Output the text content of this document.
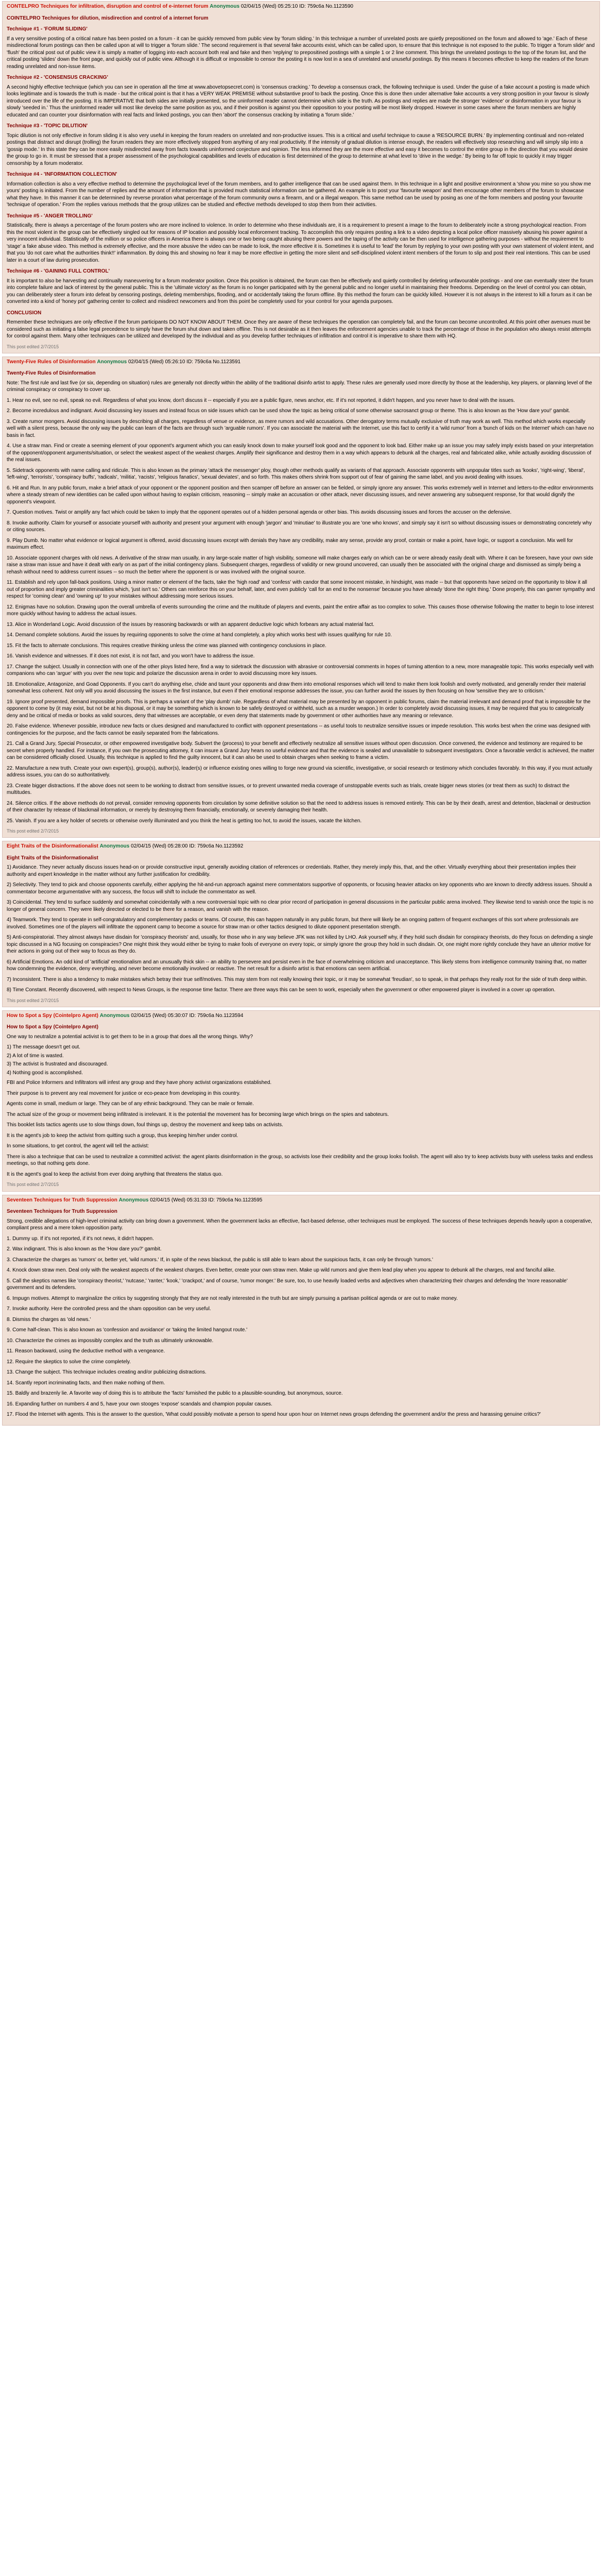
CONTELPRO Techniques for infiltration, disruption and control of e-internet forum Anonymous 02/04/15 (Wed) 05:25:10 ID: 759c6a No.1123590
COINTELPRO Techniques for dilution, misdirection and control of a internet forum
Technique #1 - 'FORUM SLIDING'

If a very sensitive posting of a critical nature has been posted on a forum - it can be quickly removed from public view by 'forum sliding.' In this technique a number of unrelated posts are quietly prepositioned on the forum and allowed to 'age.' Each of these misdirectional forum postings can then be called upon at will to trigger a 'forum slide.' The second requirement is that several fake accounts exist, which can be called upon, to ensure that this technique is not exposed to the public. To trigger a 'forum slide' and 'flush' the critical post out of public view it is simply a matter of logging into each account both real and fake and then 'replying' to prepositined postings with a simple 1 or 2 line comment. This brings the unrelated postings to the top of the forum list, and the critical posting 'slides' down the front page, and quickly out of public view. Although it is difficult or impossible to censor the posting it is now lost in a sea of unrelated and unuseful postings. By this means it becomes effective to keep the readers of the forum reading unrelated and non-issue items.

Technique #2 - 'CONSENSUS CRACKING'

A second highly effective technique (which you can see in operation all the time at www.abovetopsecret.com) is 'consensus cracking.' To develop a consensus crack, the following technique is used. Under the guise of a fake account a posting is made which looks legitimate and is towards the truth is made - but the critical point is that it has a VERY WEAK PREMISE without substantive proof to back the posting. Once this is done then under alternative fake accounts a very strong position in your favour is slowly introduced over the life of the posting. It is IMPERATIVE that both sides are initially presented, so the uninformed reader cannot determine which side is the truth. As postings and replies are made the stronger 'evidence' or disinformation in your favour is slowly 'seeded in.' Thus the uninformed reader will most like develop the same position as you, and if their position is against you their opposition to your posting will be most likely dropped. However in some cases where the forum members are highly educated and can counter your disinformation with real facts and linked postings, you can then 'abort' the consensus cracking by initiating a 'forum slide.'

Technique #3 - 'TOPIC DILUTION'

Topic dilution is not only effective in forum sliding it is also very useful in keeping the forum readers on unrelated and non-productive issues. This is a critical and useful technique to cause a 'RESOURCE BURN.' By implementing continual and non-related postings that distract and disrupt (trolling) the forum readers they are more effectively stopped from anything of any real productivity. If the intensity of gradual dilution is intense enough, the readers will effectively stop researching and will simply slip into a 'gossip mode.' In this state they can be more easily misdirected away from facts towards uninformed conjecture and opinion. The less informed they are the more effective and easy it becomes to control the entire group in the direction that you would desire the group to go in. It must be stressed that a proper assessment of the psychological capabilities and levels of education is first determined of the group to determine at what level to 'drive in the wedge.' By being to far off topic to quickly it may trigger censorship by a forum moderator.

Technique #4 - 'INFORMATION COLLECTION'

Information collection is also a very effective method to determine the psychological level of the forum members, and to gather intelligence that can be used against them. In this technique in a light and positive environment a 'show you mine so you show me yours' posting is initiated. From the number of replies and the amount of information that is provided much statistical information can be gathered. An example is to post your 'favourite weapon' and then encourage other members of the forum to showcase what they have. In this manner it can be determined by reverse proration what percentage of the forum community owns a firearm, and or a illegal weapon. This same method can be used by posing as one of the form members and posting your favourite 'technique of operation.' From the replies various methods that the group utilizes can be studied and effective methods developed to stop them from their activities.

Technique #5 - 'ANGER TROLLING'

Statistically, there is always a percentage of the forum posters who are more inclined to violence. In order to determine who these individuals are, it is a requirement to present a image to the forum to deliberately incite a strong psychological reaction. From this the most violent in the group can be effectively singled out for reasons of IP location and possibly local enforcement tracking. To accomplish this only requires posting a link to a video depicting a local police officer massively abusing his power against a very innocent individual. Statistically of the million or so police officers in America there is always one or two being caught abusing there powers and the taping of the activity can be then used for intelligence gathering purposes - without the requirement to 'stage' a fake abuse video. This method is extremely effective, and the more abusive the video can be made to look, the more effective it is. Sometimes it is useful to 'lead' the forum by replying to your own posting with your own statement of violent intent, and that you 'do not care what the authorities think!!' inflammation. By doing this and showing no fear it may be more effective in getting the more silent and self-disciplined violent intent members of the forum to slip and post their real intentions. This can be used later in a court of law during prosecution.

Technique #6 - 'GAINING FULL CONTROL'

It is important to also be harvesting and continually maneuvering for a forum moderator position. Once this position is obtained, the forum can then be effectively and quietly controlled by deleting unfavourable postings - and one can eventually steer the forum into complete failure and lack of interest by the general public. This is the 'ultimate victory' as the forum is no longer participated with by the general public and no longer useful in maintaining their freedoms. Depending on the level of control you can obtain, you can deliberately steer a forum into defeat by censoring postings, deleting memberships, flooding, and or accidentally taking the forum offline. By this method the forum can be quickly killed. However it is not always in the interest to kill a forum as it can be converted into a kind of 'honey pot' gathering center to collect and misdirect newcomers and from this point be completely used for your control for your agenda purposes.

CONCLUSION

Remember these techniques are only effective if the forum participants DO NOT KNOW ABOUT THEM. Once they are aware of these techniques the operation can completely fail, and the forum can become uncontrolled. At this point other avenues must be considered such as initiating a false legal precedence to simply have the forum shut down and taken offline. This is not desirable as it then leaves the enforcement agencies unable to track the percentage of those in the population who always resist attempts for control against them. Many other techniques can be utilized and developed by the individual and as you develop further techniques of infiltration and control it is imperative to share them with HQ.

This post edited 2/7/2015
Twenty-Five Rules of Disinformation Anonymous 02/04/15 (Wed) 05:26:10 ID: 759c6a No.1123591
Twenty-Five Rules of Disinformation

Note: The first rule and last five (or six, depending on situation) rules are generally not directly within the ability of the traditional disinfo artist to apply. These rules are generally used more directly by those at the leadership, key players, or planning level of the criminal conspiracy or conspiracy to cover up.

1. Hear no evil, see no evil, speak no evil. Regardless of what you know, don't discuss it -- especially if you are a public figure, news anchor, etc. If it's not reported, it didn't happen, and you never have to deal with the issues.

2. Become incredulous and indignant. Avoid discussing key issues and instead focus on side issues which can be used show the topic as being critical of some otherwise sacrosanct group or theme. This is also known as the 'How dare you!' gambit.

3. Create rumor mongers. Avoid discussing issues by describing all charges, regardless of venue or evidence, as mere rumors and wild accusations. Other derogatory terms mutually exclusive of truth may work as well. This method which works especially well with a silent press, because the only way the public can learn of the facts are through such 'arguable rumors'. If you can associate the material with the Internet, use this fact to certify it a 'wild rumor' from a 'bunch of kids on the Internet' which can have no basis in fact.

4. Use a straw man. Find or create a seeming element of your opponent's argument which you can easily knock down to make yourself look good and the opponent to look bad. Either make up an issue you may safely imply exists based on your interpretation of the opponent/opponent arguments/situation, or select the weakest aspect of the weakest charges. Amplify their significance and destroy them in a way which appears to debunk all the charges, real and fabricated alike, while actually avoiding discussion of the real issues.

5. Sidetrack opponents with name calling and ridicule. This is also known as the primary 'attack the messenger' ploy, though other methods qualify as variants of that approach. Associate opponents with unpopular titles such as 'kooks', 'right-wing', 'liberal', 'left-wing', 'terrorists', 'conspiracy buffs', 'radicals', 'militia', 'racists', 'religious fanatics', 'sexual deviates', and so forth. This makes others shrink from support out of fear of gaining the same label, and you avoid dealing with issues.

6. Hit and Run. In any public forum, make a brief attack of your opponent or the opponent position and then scamper off before an answer can be fielded, or simply ignore any answer. This works extremely well in Internet and letters-to-the-editor environments where a steady stream of new identities can be called upon without having to explain criticism, reasoning -- simply make an accusation or other attack, never discussing issues, and never answering any subsequent response, for that would dignify the opponent's viewpoint.

7. Question motives. Twist or amplify any fact which could be taken to imply that the opponent operates out of a hidden personal agenda or other bias. This avoids discussing issues and forces the accuser on the defensive.

8. Invoke authority. Claim for yourself or associate yourself with authority and present your argument with enough 'jargon' and 'minutiae' to illustrate you are 'one who knows', and simply say it isn't so without discussing issues or demonstrating concretely why or citing sources.

9. Play Dumb. No matter what evidence or logical argument is offered, avoid discussing issues except with denials they have any credibility, make any sense, provide any proof, contain or make a point, have logic, or support a conclusion. Mix well for maximum effect.

10. Associate opponent charges with old news. A derivative of the straw man usually, in any large-scale matter of high visibility, someone will make charges early on which can be or were already easily dealt with. Where it can be foreseen, have your own side raise a straw man issue and have it dealt with early on as part of the initial contingency plans. Subsequent charges, regardless of validity or new ground uncovered, can usually then be associated with the original charge and dismissed as simply being a rehash without need to address current issues -- so much the better where the opponent is or was involved with the original source.

11. Establish and rely upon fall-back positions. Using a minor matter or element of the facts, take the 'high road' and 'confess' with candor that some innocent mistake, in hindsight, was made -- but that opponents have seized on the opportunity to blow it all out of proportion and imply greater criminalities which, 'just isn't so.' Others can reinforce this on your behalf, later, and even publicly 'call for an end to the nonsense' because you have already 'done the right thing.' Done properly, this can garner sympathy and respect for 'coming clean' and 'owning up' to your mistakes without addressing more serious issues.

12. Enigmas have no solution. Drawing upon the overall umbrella of events surrounding the crime and the multitude of players and events, paint the entire affair as too complex to solve. This causes those otherwise following the matter to begin to lose interest more quickly without having to address the actual issues.

13. Alice in Wonderland Logic. Avoid discussion of the issues by reasoning backwards or with an apparent deductive logic which forbears any actual material fact.

14. Demand complete solutions. Avoid the issues by requiring opponents to solve the crime at hand completely, a ploy which works best with issues qualifying for rule 10.

15. Fit the facts to alternate conclusions. This requires creative thinking unless the crime was planned with contingency conclusions in place.

16. Vanish evidence and witnesses. If it does not exist, it is not fact, and you won't have to address the issue.

17. Change the subject. Usually in connection with one of the other ploys listed here, find a way to sidetrack the discussion with abrasive or controversial comments in hopes of turning attention to a new, more manageable topic. This works especially well with companions who can 'argue' with you over the new topic and polarize the discussion arena in order to avoid discussing more key issues.

18. Emotionalize, Antagonize, and Goad Opponents. If you can't do anything else, chide and taunt your opponents and draw them into emotional responses which will tend to make them look foolish and overly motivated, and generally render their material somewhat less coherent. Not only will you avoid discussing the issues in the first instance, but even if their emotional response addresses the issue, you can further avoid the issues by then focusing on how 'sensitive they are to criticism.'

19. Ignore proof presented, demand impossible proofs. This is perhaps a variant of the 'play dumb' rule. Regardless of what material may be presented by an opponent in public forums, claim the material irrelevant and demand proof that is impossible for the opponent to come by (it may exist, but not be at his disposal, or it may be something which is known to be safely destroyed or withheld, such as a murder weapon.) In order to completely avoid discussing issues, it may be required that you to categorically deny and be critical of media or books as valid sources, deny that witnesses are acceptable, or even deny that statements made by government or other authorities have any meaning or relevance.

20. False evidence. Whenever possible, introduce new facts or clues designed and manufactured to conflict with opponent presentations -- as useful tools to neutralize sensitive issues or impede resolution. This works best when the crime was designed with contingencies for the purpose, and the facts cannot be easily separated from the fabrications.

21. Call a Grand Jury, Special Prosecutor, or other empowered investigative body. Subvert the (process) to your benefit and effectively neutralize all sensitive issues without open discussion. Once convened, the evidence and testimony are required to be secret when properly handled. For instance, if you own the prosecuting attorney, it can insure a Grand Jury hears no useful evidence and that the evidence is sealed and unavailable to subsequent investigators. Once a favorable verdict is achieved, the matter can be considered officially closed. Usually, this technique is applied to find the guilty innocent, but it can also be used to obtain charges when seeking to frame a victim.

22. Manufacture a new truth. Create your own expert(s), group(s), author(s), leader(s) or influence existing ones willing to forge new ground via scientific, investigative, or social research or testimony which concludes favorably. In this way, if you must actually address issues, you can do so authoritatively.

23. Create bigger distractions. If the above does not seem to be working to distract from sensitive issues, or to prevent unwanted media coverage of unstoppable events such as trials, create bigger news stories (or treat them as such) to distract the multitudes.

24. Silence critics. If the above methods do not prevail, consider removing opponents from circulation by some definitive solution so that the need to address issues is removed entirely. This can be by their death, arrest and detention, blackmail or destruction of their character by release of blackmail information, or merely by destroying them financially, emotionally, or severely damaging their health.

25. Vanish. If you are a key holder of secrets or otherwise overly illuminated and you think the heat is getting too hot, to avoid the issues, vacate the kitchen.

This post edited 2/7/2015
Eight Traits of the Disinformationalist Anonymous 02/04/15 (Wed) 05:28:00 ID: 759c6a No.1123592
Eight Traits of the Disinformationalist

1) Avoidance. They never actually discuss issues head-on or provide constructive input, generally avoiding citation of references or credentials. Rather, they merely imply this, that, and the other. Virtually everything about their presentation implies their authority and expert knowledge in the matter without any further justification for credibility.

2) Selectivity. They tend to pick and choose opponents carefully, either applying the hit-and-run approach against mere commentators supportive of opponents, or focusing heavier attacks on key opponents who are known to directly address issues. Should a commentator become argumentative with any success, the focus will shift to include the commentator as well.

3) Coincidental. They tend to surface suddenly and somewhat coincidentally with a new controversial topic with no clear prior record of participation in general discussions in the particular public arena involved. They likewise tend to vanish once the topic is no longer of general concern. They were likely directed or elected to be there for a reason, and vanish with the reason.

4) Teamwork. They tend to operate in self-congratulatory and complementary packs or teams. Of course, this can happen naturally in any public forum, but there will likely be an ongoing pattern of frequent exchanges of this sort where professionals are involved. Sometimes one of the players will infiltrate the opponent camp to become a source for straw man or other tactics designed to dilute opponent presentation strength.

5) Anti-conspiratorial. They almost always have disdain for 'conspiracy theorists' and, usually, for those who in any way believe JFK was not killed by LHO. Ask yourself why, if they hold such disdain for conspiracy theorists, do they focus on defending a single topic discussed in a NG focusing on conspiracies? One might think they would either be trying to make fools of everyone on every topic, or simply ignore the group they hold in such disdain. Or, one might more rightly conclude they have an ulterior motive for their actions in going out of their way to focus as they do.

6) Artificial Emotions. An odd kind of 'artificial' emotionalism and an unusually thick skin -- an ability to persevere and persist even in the face of overwhelming criticism and unacceptance. This likely stems from intelligence community training that, no matter how condemning the evidence, deny everything, and never become emotionally involved or reactive. The net result for a disinfo artist is that emotions can seem artificial.

7) Inconsistent. There is also a tendency to make mistakes which betray their true self/motives. This may stem from not really knowing their topic, or it may be somewhat 'freudian', so to speak, in that perhaps they really root for the side of truth deep within.

8) Time Constant. Recently discovered, with respect to News Groups, is the response time factor. There are three ways this can be seen to work, especially when the government or other empowered player is involved in a cover up operation.

This post edited 2/7/2015
How to Spot a Spy (Cointelpro Agent) Anonymous 02/04/15 (Wed) 05:30:07 ID: 759c6a No.1123594
How to Spot a Spy (Cointelpro Agent)

One way to neutralize a potential activist is to get them to be in a group that does all the wrong things. Why?

1) The message doesn't get out.
2) A lot of time is wasted.
3) The activist is frustrated and discouraged.
4) Nothing good is accomplished.

FBI and Police Informers and Infiltrators will infest any group and they have phony activist organizations established.

Their purpose is to prevent any real movement for justice or eco-peace from developing in this country.

Agents come in small, medium or large. They can be of any ethnic background. They can be male or female.

The actual size of the group or movement being infiltrated is irrelevant. It is the potential the movement has for becoming large which brings on the spies and saboteurs.

This booklet lists tactics agents use to slow things down, foul things up, destroy the movement and keep tabs on activists.

It is the agent's job to keep the activist from quitting such a group, thus keeping him/her under control.

In some situations, to get control, the agent will tell the activist:

There is also a technique that can be used to neutralize a committed activist: the agent plants disinformation in the group, so activists lose their credibility and the group looks foolish. The agent will also try to keep activists busy with useless tasks and endless meetings, so that nothing gets done.

It is the agent's goal to keep the activist from ever doing anything that threatens the status quo.

This post edited 2/7/2015
Seventeen Techniques for Truth Suppression Anonymous 02/04/15 (Wed) 05:31:33 ID: 759c6a No.1123595
Seventeen Techniques for Truth Suppression

Strong, credible allegations of high-level criminal activity can bring down a government. When the government lacks an effective, fact-based defense, other techniques must be employed. The success of these techniques depends heavily upon a cooperative, compliant press and a mere token opposition party.

1. Dummy up. If it's not reported, if it's not news, it didn't happen.

2. Wax indignant. This is also known as the 'How dare you?' gambit.

3. Characterize the charges as 'rumors' or, better yet, 'wild rumors.' If, in spite of the news blackout, the public is still able to learn about the suspicious facts, it can only be through 'rumors.'

4. Knock down straw men. Deal only with the weakest aspects of the weakest charges. Even better, create your own straw men. Make up wild rumors and give them lead play when you appear to debunk all the charges, real and fanciful alike.

5. Call the skeptics names like 'conspiracy theorist,' 'nutcase,' 'ranter,' 'kook,' 'crackpot,' and of course, 'rumor monger.' Be sure, too, to use heavily loaded verbs and adjectives when characterizing their charges and defending the 'more reasonable' government and its defenders.

6. Impugn motives. Attempt to marginalize the critics by suggesting strongly that they are not really interested in the truth but are simply pursuing a partisan political agenda or are out to make money.

7. Invoke authority. Here the controlled press and the sham opposition can be very useful.

8. Dismiss the charges as 'old news.'

9. Come half-clean. This is also known as 'confession and avoidance' or 'taking the limited hangout route.'

10. Characterize the crimes as impossibly complex and the truth as ultimately unknowable.

11. Reason backward, using the deductive method with a vengeance.

12. Require the skeptics to solve the crime completely.

13. Change the subject. This technique includes creating and/or publicizing distractions.

14. Scantly report incriminating facts, and then make nothing of them.

15. Baldly and brazenly lie. A favorite way of doing this is to attribute the 'facts' furnished the public to a plausible-sounding, but anonymous, source.

16. Expanding further on numbers 4 and 5, have your own stooges 'expose' scandals and champion popular causes.

17. Flood the Internet with agents. This is the answer to the question, 'What could possibly motivate a person to spend hour upon hour on Internet news groups defending the government and/or the press and harassing genuine critics?'
